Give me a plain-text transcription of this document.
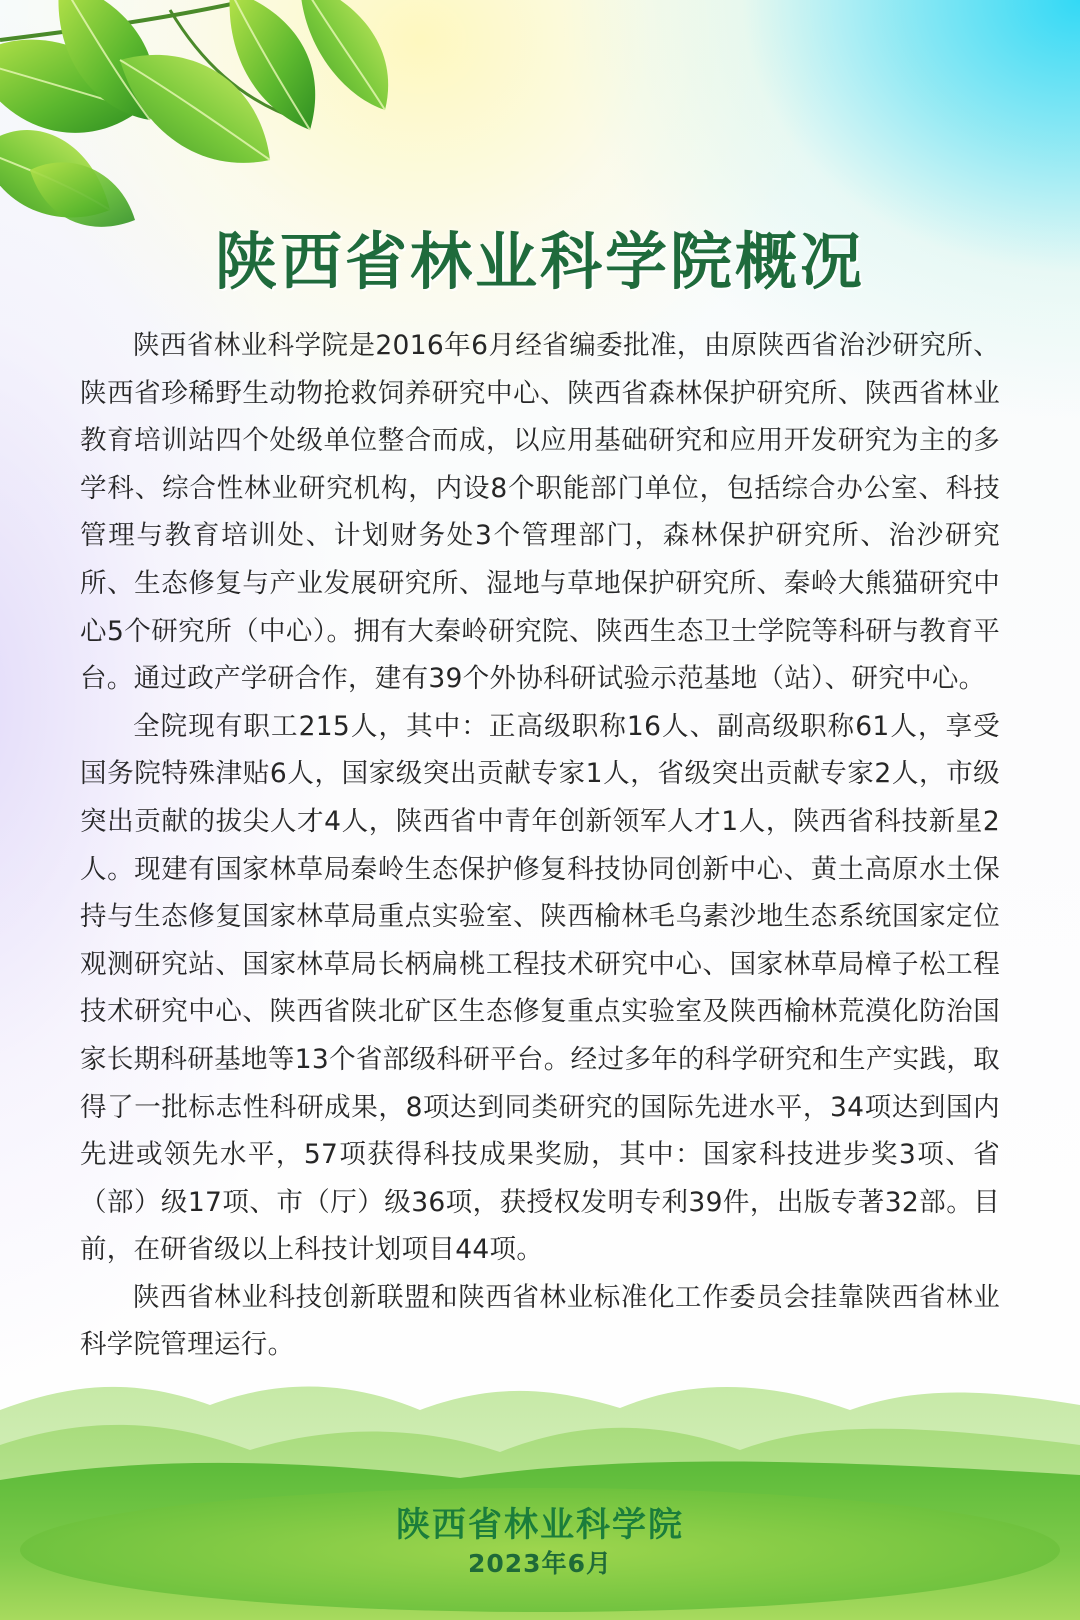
陕西省林业科学院概况

陕西省林业科学院是2016年6月经省编委批准，由原陕西省治沙研究所、陕西省珍稀野生动物抢救饲养研究中心、陕西省森林保护研究所、陕西省林业教育培训站四个处级单位整合而成，以应用基础研究和应用开发研究为主的多学科、综合性林业研究机构，内设8个职能部门单位，包括综合办公室、科技管理与教育培训处、计划财务处3个管理部门，森林保护研究所、治沙研究所、生态修复与产业发展研究所、湿地与草地保护研究所、秦岭大熊猫研究中心5个研究所（中心）。拥有大秦岭研究院、陕西生态卫士学院等科研与教育平台。通过政产学研合作，建有39个外协科研试验示范基地（站）、研究中心。

全院现有职工215人，其中：正高级职称16人、副高级职称61人，享受国务院特殊津贴6人，国家级突出贡献专家1人，省级突出贡献专家2人，市级突出贡献的拔尖人才4人，陕西省中青年创新领军人才1人，陕西省科技新星2人。现建有国家林草局秦岭生态保护修复科技协同创新中心、黄土高原水土保持与生态修复国家林草局重点实验室、陕西榆林毛乌素沙地生态系统国家定位观测研究站、国家林草局长柄扁桃工程技术研究中心、国家林草局樟子松工程技术研究中心、陕西省陕北矿区生态修复重点实验室及陕西榆林荒漠化防治国家长期科研基地等13个省部级科研平台。经过多年的科学研究和生产实践，取得了一批标志性科研成果，8项达到同类研究的国际先进水平，34项达到国内先进或领先水平，57项获得科技成果奖励，其中：国家科技进步奖3项、省（部）级17项、市（厅）级36项，获授权发明专利39件，出版专著32部。目前，在研省级以上科技计划项目44项。

陕西省林业科技创新联盟和陕西省林业标准化工作委员会挂靠陕西省林业科学院管理运行。

陕西省林业科学院
2023年6月
